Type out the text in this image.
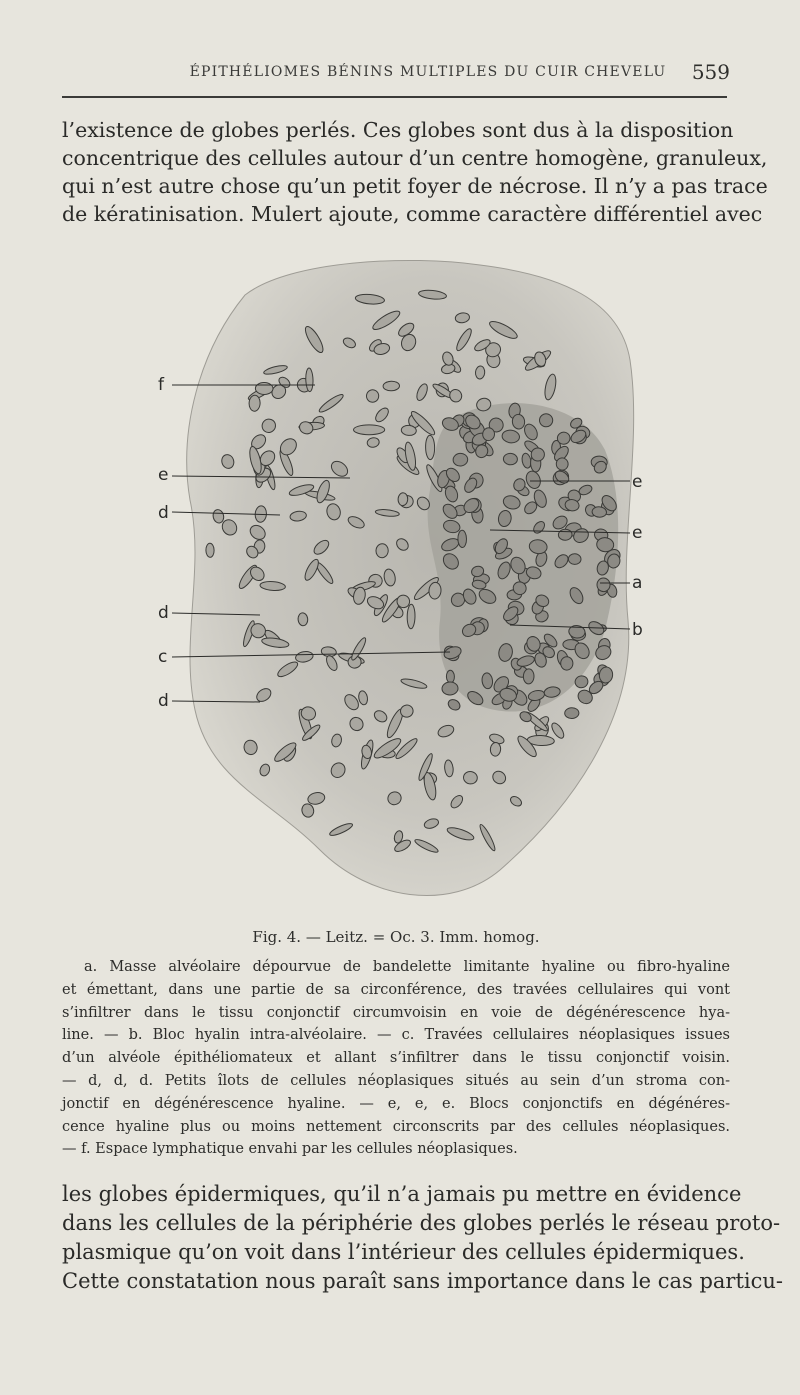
ÉPITHÉLIOMES BÉNINS MULTIPLES DU CUIR CHEVELU	559

l’existence de globes perlés. Ces globes sont dus à la disposition
concentrique des cellules autour d’un centre homogène, granuleux,
qui n’est autre chose qu’un petit foyer de nécrose. Il n’y a pas trace
de kératinisation. Mulert ajoute, comme caractère différentiel avec

f
e
d
d
c
d
e
e
a
b
Fig. 4. — Leitz. = Oc. 3. Imm. homog.

a. Masse alvéolaire dépourvue de bandelette limitante hyaline ou fibro-hyaline
et émettant, dans une partie de sa circonférence, des travées cellulaires qui vont
s’infiltrer dans le tissu conjonctif circumvoisin en voie de dégénérescence hya-
line. — b. Bloc hyalin intra-alvéolaire. — c. Travées cellulaires néoplasiques issues
d’un alvéole épithéliomateux et allant s’infiltrer dans le tissu conjonctif voisin.
— d, d, d. Petits îlots de cellules néoplasiques situés au sein d’un stroma con-
jonctif en dégénérescence hyaline. — e, e, e. Blocs conjonctifs en dégénéres-
cence hyaline plus ou moins nettement circonscrits par des cellules néoplasiques.
— f. Espace lymphatique envahi par les cellules néoplasiques.

les globes épidermiques, qu’il n’a jamais pu mettre en évidence
dans les cellules de la périphérie des globes perlés le réseau proto-
plasmique qu’on voit dans l’intérieur des cellules épidermiques.
Cette constatation nous paraît sans importance dans le cas particu-
